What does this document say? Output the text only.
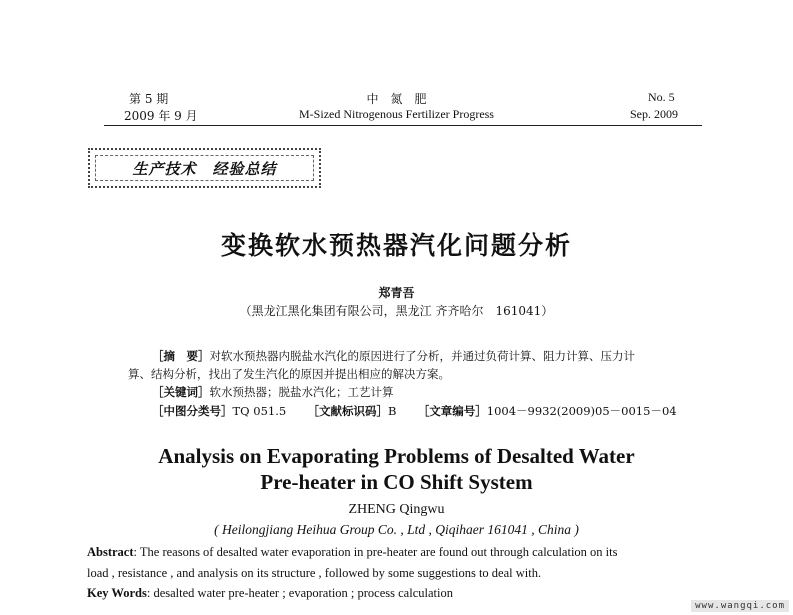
第 5 期
2009 年 9 月
中　氮　肥
M-Sized Nitrogenous Fertilizer Progress
No. 5
Sep. 2009
生产技术　经验总结
变换软水预热器汽化问题分析
郑青吾
（黑龙江黑化集团有限公司，黑龙江 齐齐哈尔　161041）
［摘　要］对软水预热器内脱盐水汽化的原因进行了分析，并通过负荷计算、阻力计算、压力计
算、结构分析，找出了发生汽化的原因并提出相应的解决方案。
［关键词］软水预热器；脱盐水汽化；工艺计算
［中图分类号］TQ 051.5 ［文献标识码］B ［文章编号］1004－9932(2009)05－0015－04
Analysis on Evaporating Problems of Desalted Water
Pre-heater in CO Shift System
ZHENG Qingwu
( Heilongjiang Heihua Group Co. , Ltd , Qiqihaer 161041 , China )
Abstract: The reasons of desalted water evaporation in pre-heater are found out through calculation on its
load , resistance , and analysis on its structure , followed by some suggestions to deal with.
Key Words: desalted water pre-heater ; evaporation ; process calculation
www.wangqi.com
